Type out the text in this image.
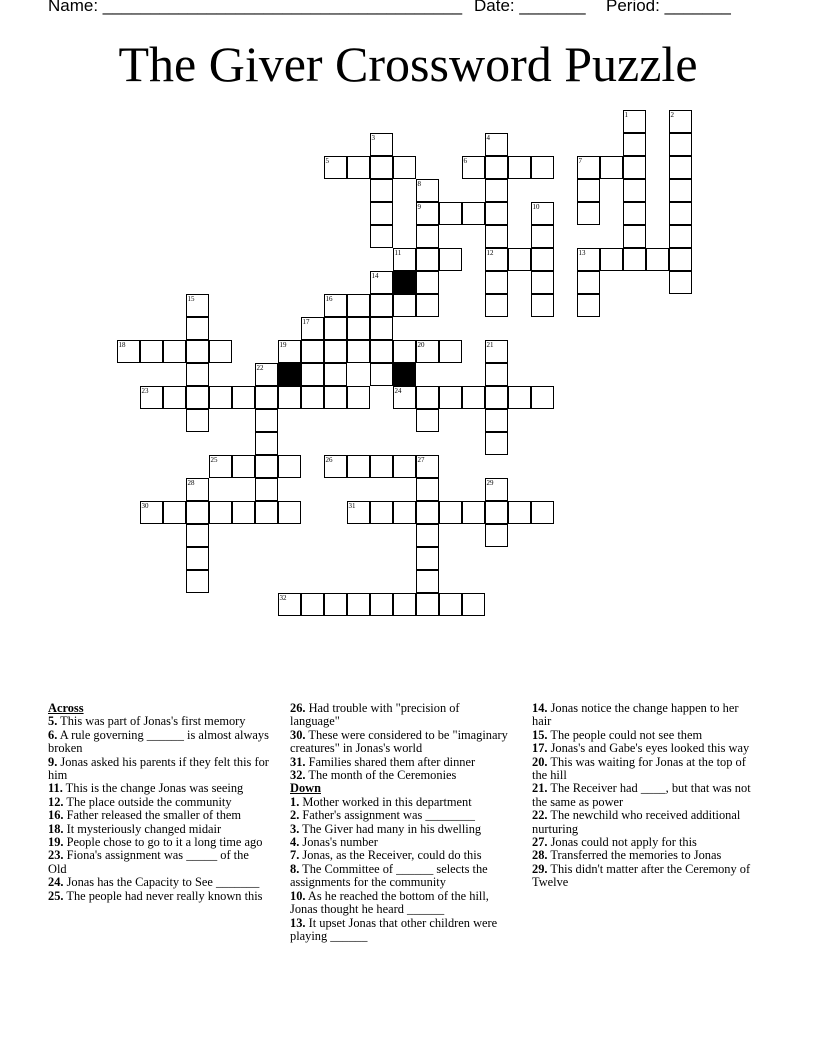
Name: ______________________________________ Date: _______ Period: _______
The Giver Crossword Puzzle
1	2
3	4
5	6	7
8
9	10
11	12	13
14
15	16
17
18	19	20	21
22
23	24
25	26	27
28	29
30	31
32
Across
5. This was part of Jonas's first memory
6. A rule governing ______ is almost always broken
9. Jonas asked his parents if they felt this for him
11. This is the change Jonas was seeing
12. The place outside the community
16. Father released the smaller of them
18. It mysteriously changed midair
19. People chose to go to it a long time ago
23. Fiona's assignment was _____ of the Old
24. Jonas has the Capacity to See _______
25. The people had never really known this
26. Had trouble with "precision of language"
30. These were considered to be "imaginary creatures" in Jonas's world
31. Families shared them after dinner
32. The month of the Ceremonies
Down
1. Mother worked in this department
2. Father's assignment was ________
3. The Giver had many in his dwelling
4. Jonas's number
7. Jonas, as the Receiver, could do this
8. The Committee of ______ selects the assignments for the community
10. As he reached the bottom of the hill, Jonas thought he heard ______
13. It upset Jonas that other children were playing ______
14. Jonas notice the change happen to her hair
15. The people could not see them
17. Jonas's and Gabe's eyes looked this way
20. This was waiting for Jonas at the top of the hill
21. The Receiver had ____, but that was not the same as power
22. The newchild who received additional nurturing
27. Jonas could not apply for this
28. Transferred the memories to Jonas
29. This didn't matter after the Ceremony of Twelve
